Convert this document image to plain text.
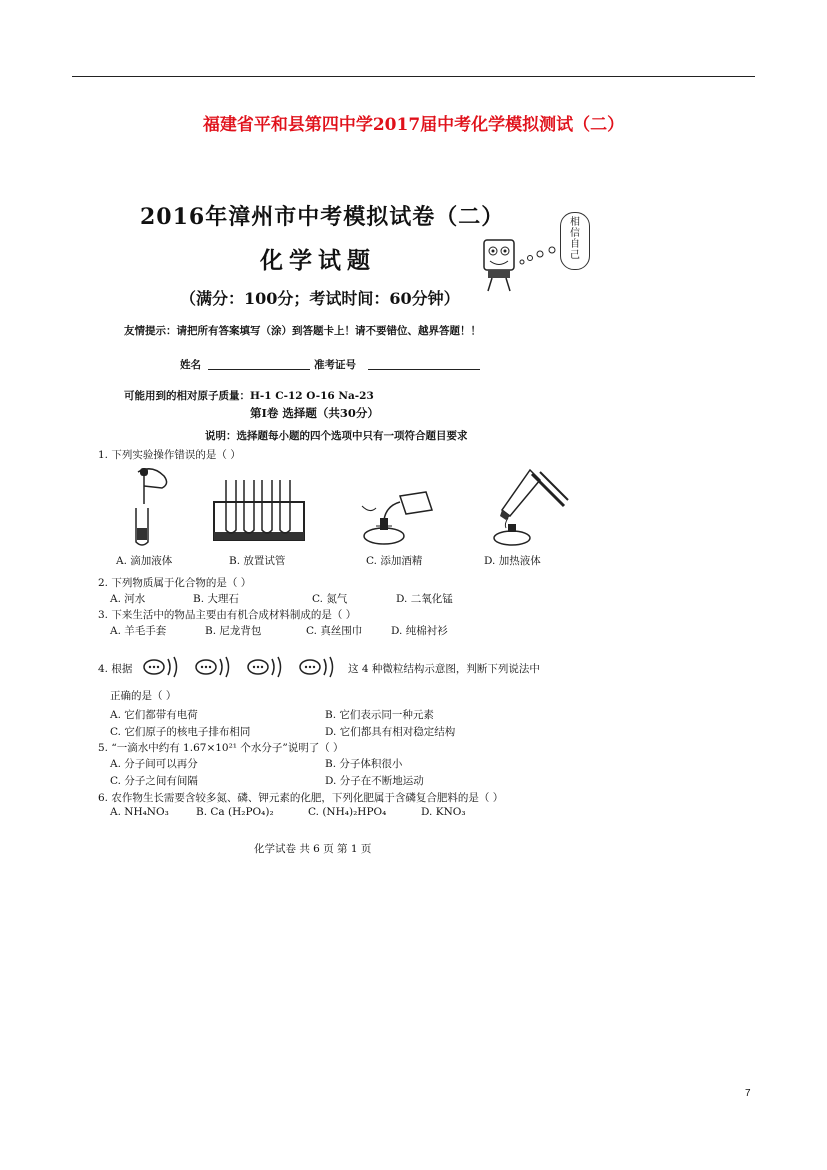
福建省平和县第四中学2017届中考化学模拟测试（二）
2016年漳州市中考模拟试卷（二）
化学试题
（满分：100分；考试时间：60分钟）
相
信
自
己
友情提示：请把所有答案填写（涂）到答题卡上！请不要错位、越界答题！！
姓名	准考证号
可能用到的相对原子质量：H-1 C-12 O-16 Na-23
第Ⅰ卷 选择题（共30分）
说明：选择题每小题的四个选项中只有一项符合题目要求
1. 下列实验操作错误的是（ ）
A. 滴加液体	B. 放置试管	C. 添加酒精	D. 加热液体
2. 下列物质属于化合物的是（ ）
A. 河水	B. 大理石	C. 氮气	D. 二氧化锰
3. 下来生活中的物品主要由有机合成材料制成的是（ ）
A. 羊毛手套	B. 尼龙背包	C. 真丝围巾	D. 纯棉衬衫
4. 根据	这 4 种微粒结构示意图，判断下列说法中
正确的是（ ）
A. 它们都带有电荷	B. 它们表示同一种元素
C. 它们原子的核电子排布相同	D. 它们都具有相对稳定结构
5. “一滴水中约有 1.67×10²¹ 个水分子”说明了（ ）
A. 分子间可以再分	B. 分子体积很小
C. 分子之间有间隔	D. 分子在不断地运动
6. 农作物生长需要含较多氮、磷、钾元素的化肥，下列化肥属于含磷复合肥料的是（ ）
A. NH₄NO₃	B. Ca (H₂PO₄)₂	C. (NH₄)₂HPO₄	D. KNO₃
化学试卷 共 6 页 第 1 页
7
